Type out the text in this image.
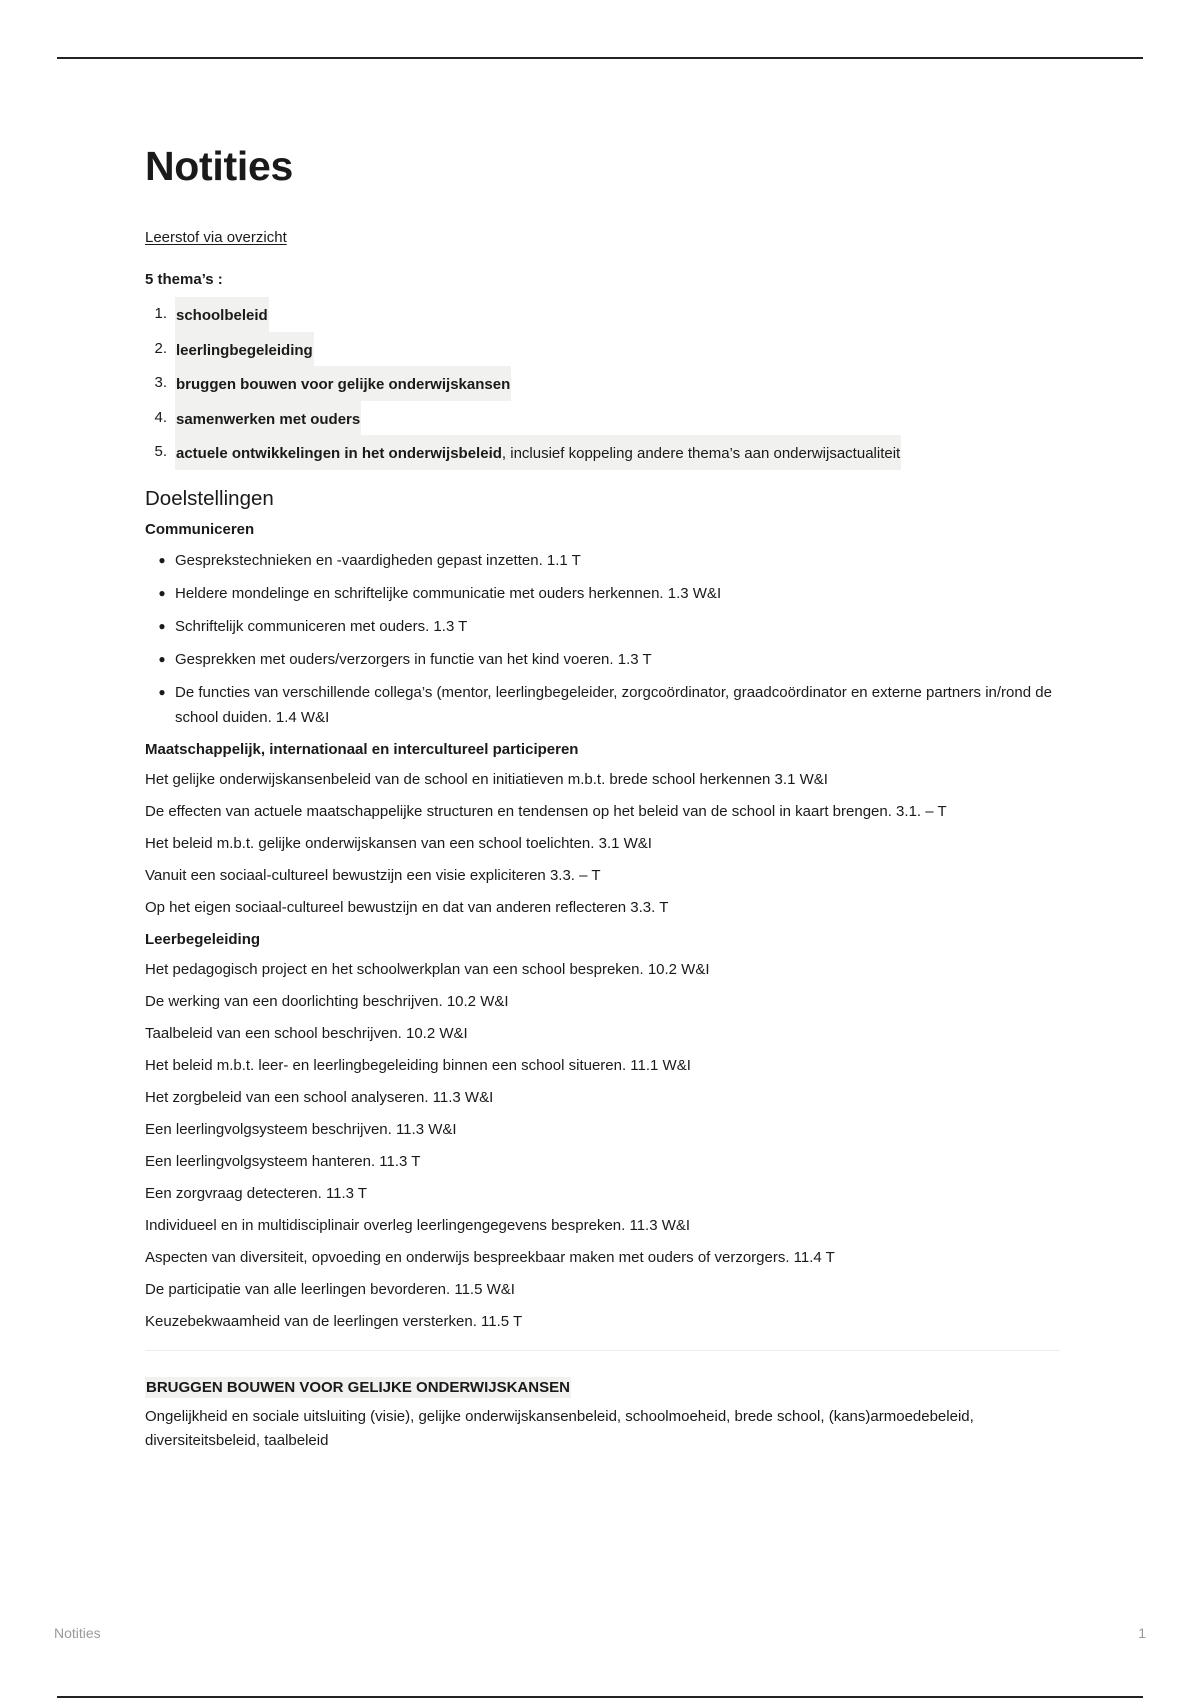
Notities
Leerstof via overzicht
5 thema’s :
1. schoolbeleid
2. leerlingbegeleiding
3. bruggen bouwen voor gelijke onderwijskansen
4. samenwerken met ouders
5. actuele ontwikkelingen in het onderwijsbeleid, inclusief koppeling andere thema’s aan onderwijsactualiteit
Doelstellingen
Communiceren
● Gesprekstechnieken en -vaardigheden gepast inzetten. 1.1 T
● Heldere mondelinge en schriftelijke communicatie met ouders herkennen. 1.3 W&I
● Schriftelijk communiceren met ouders. 1.3 T
● Gesprekken met ouders/verzorgers in functie van het kind voeren. 1.3 T
● De functies van verschillende collega’s (mentor, leerlingbegeleider, zorgcoördinator, graadcoördinator en externe partners in/rond de school duiden. 1.4 W&I
Maatschappelijk, internationaal en intercultureel participeren

Het gelijke onderwijskansenbeleid van de school en initiatieven m.b.t. brede school herkennen 3.1 W&I

De effecten van actuele maatschappelijke structuren en tendensen op het beleid van de school in kaart brengen. 3.1. – T

Het beleid m.b.t. gelijke onderwijskansen van een school toelichten. 3.1 W&I

Vanuit een sociaal-cultureel bewustzijn een visie expliciteren 3.3. – T

Op het eigen sociaal-cultureel bewustzijn en dat van anderen reflecteren 3.3. T

Leerbegeleiding

Het pedagogisch project en het schoolwerkplan van een school bespreken. 10.2 W&I

De werking van een doorlichting beschrijven. 10.2 W&I

Taalbeleid van een school beschrijven. 10.2 W&I

Het beleid m.b.t. leer- en leerlingbegeleiding binnen een school situeren. 11.1 W&I

Het zorgbeleid van een school analyseren. 11.3 W&I

Een leerlingvolgsysteem beschrijven. 11.3 W&I

Een leerlingvolgsysteem hanteren. 11.3 T

Een zorgvraag detecteren. 11.3 T

Individueel en in multidisciplinair overleg leerlingengegevens bespreken. 11.3 W&I

Aspecten van diversiteit, opvoeding en onderwijs bespreekbaar maken met ouders of verzorgers. 11.4 T

De participatie van alle leerlingen bevorderen. 11.5 W&I

Keuzebekwaamheid van de leerlingen versterken. 11.5 T

BRUGGEN BOUWEN VOOR GELIJKE ONDERWIJSKANSEN

Ongelijkheid en sociale uitsluiting (visie), gelijke onderwijskansenbeleid, schoolmoeheid, brede school, (kans)armoedebeleid, diversiteitsbeleid, taalbeleid

Notities	1
